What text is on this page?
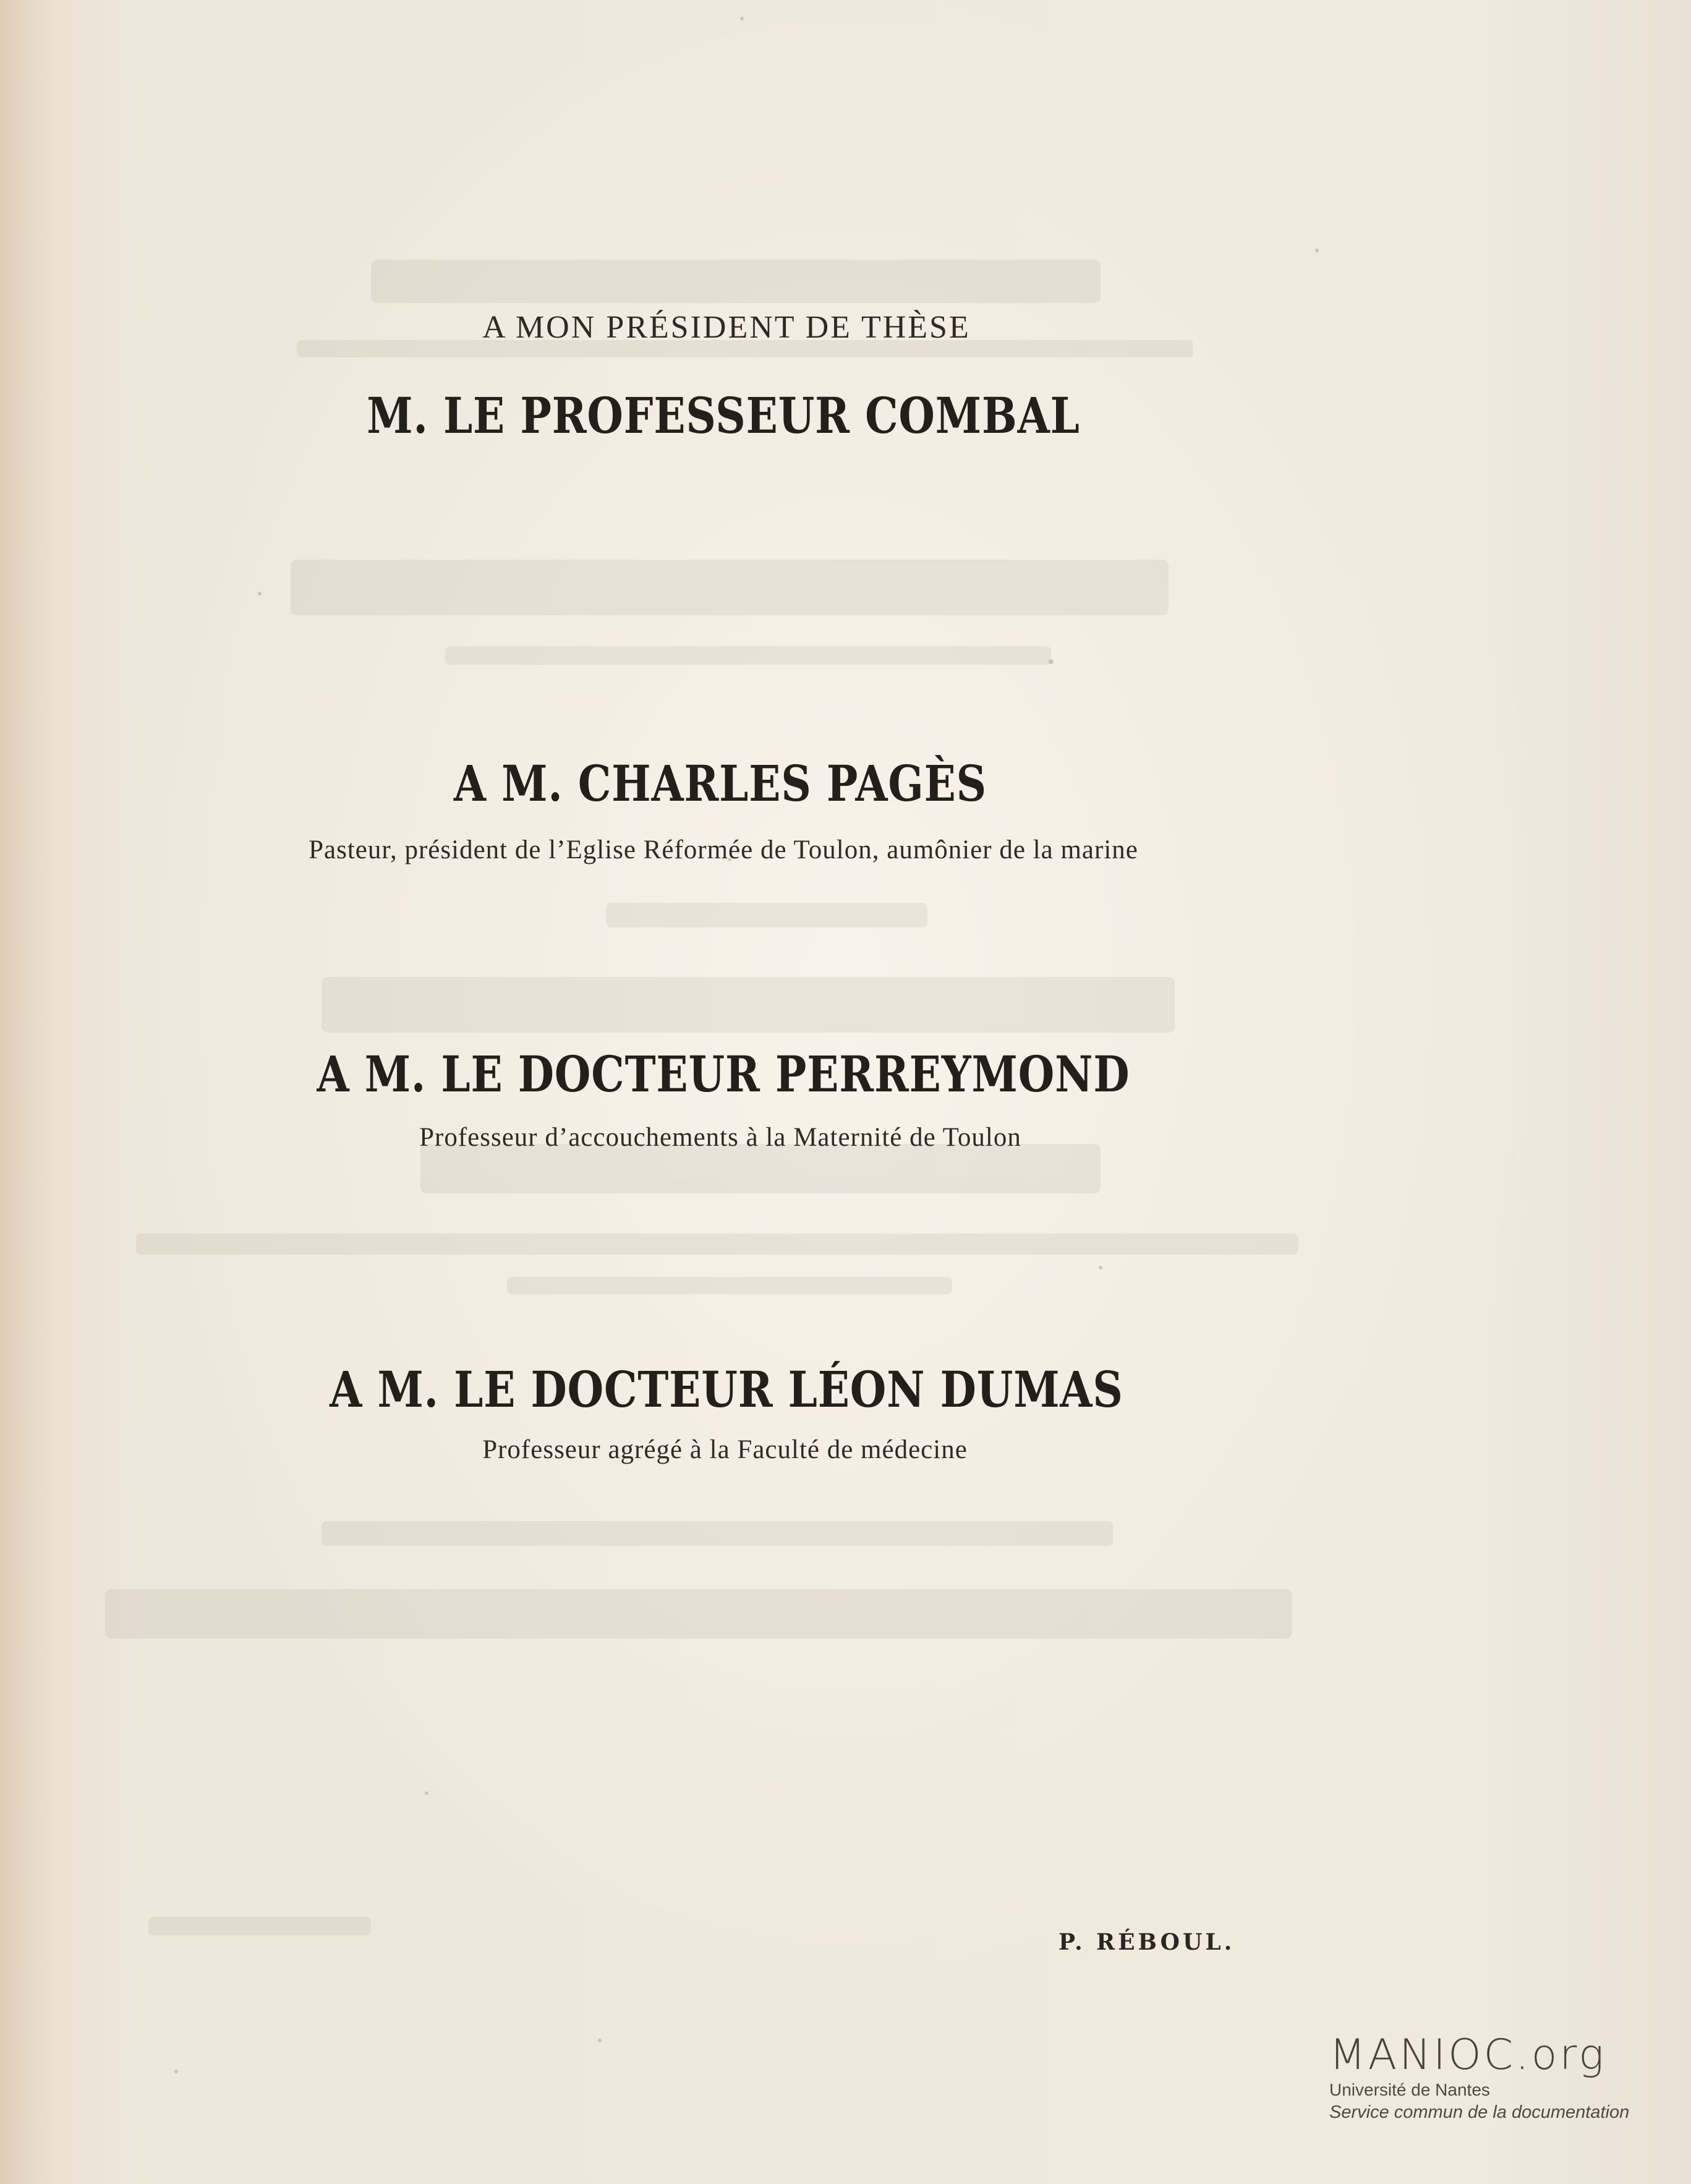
A MON PRÉSIDENT DE THÈSE
M. LE PROFESSEUR COMBAL
A M. CHARLES PAGÈS
Pasteur, président de l’Eglise Réformée de Toulon, aumônier de la marine
A M. LE DOCTEUR PERREYMOND
Professeur d’accouchements à la Maternité de Toulon
A M. LE DOCTEUR LÉON DUMAS
Professeur agrégé à la Faculté de médecine
P. RÉBOUL.
MANIOC.org
Université de Nantes
Service commun de la documentation
